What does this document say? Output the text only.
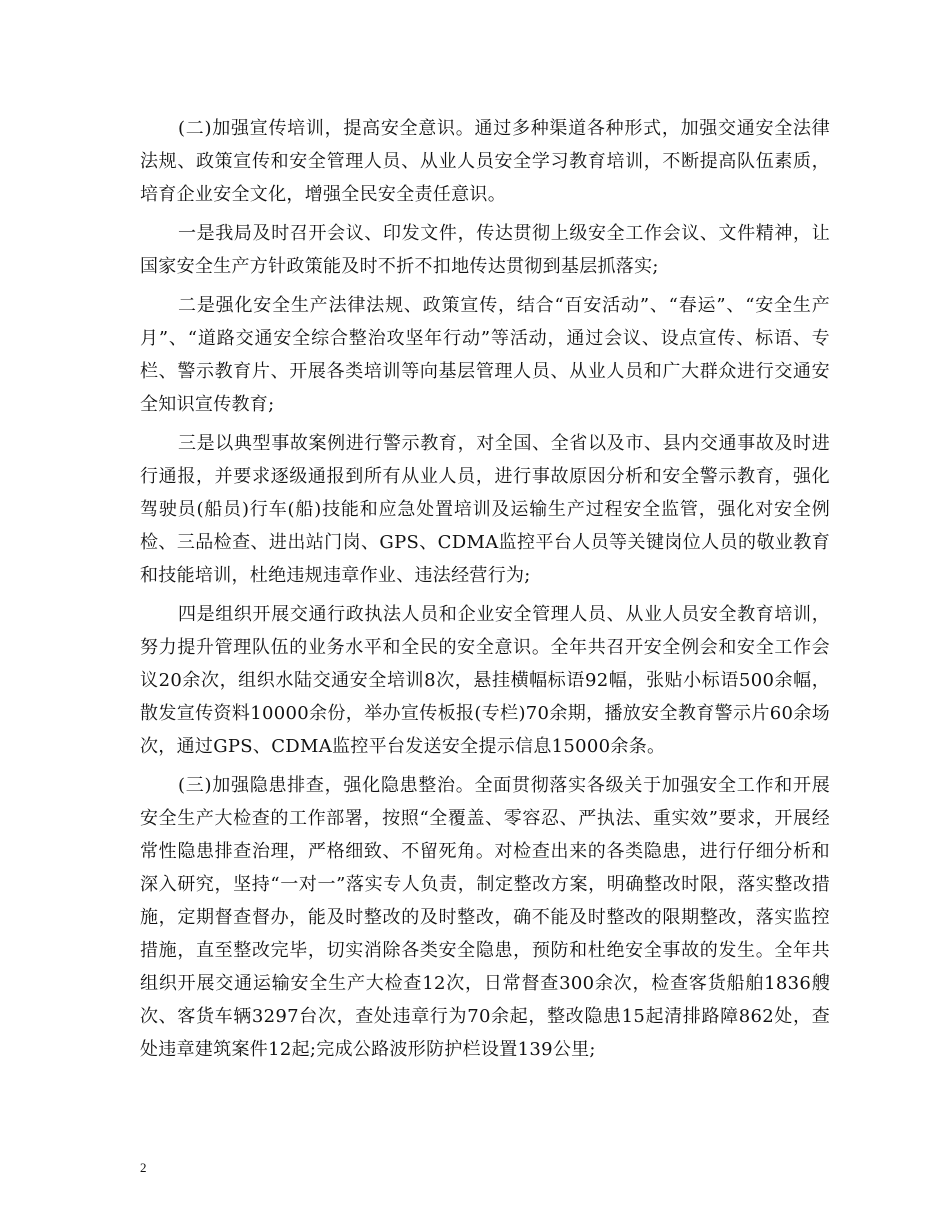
(二)加强宣传培训，提高安全意识。通过多种渠道各种形式，加强交通安全法律法规、政策宣传和安全管理人员、从业人员安全学习教育培训，不断提高队伍素质，培育企业安全文化，增强全民安全责任意识。

一是我局及时召开会议、印发文件，传达贯彻上级安全工作会议、文件精神，让国家安全生产方针政策能及时不折不扣地传达贯彻到基层抓落实;

二是强化安全生产法律法规、政策宣传，结合“百安活动”、“春运”、“安全生产月”、“道路交通安全综合整治攻坚年行动”等活动，通过会议、设点宣传、标语、专栏、警示教育片、开展各类培训等向基层管理人员、从业人员和广大群众进行交通安全知识宣传教育;

三是以典型事故案例进行警示教育，对全国、全省以及市、县内交通事故及时进行通报，并要求逐级通报到所有从业人员，进行事故原因分析和安全警示教育，强化驾驶员(船员)行车(船)技能和应急处置培训及运输生产过程安全监管，强化对安全例检、三品检查、进出站门岗、GPS、CDMA监控平台人员等关键岗位人员的敬业教育和技能培训，杜绝违规违章作业、违法经营行为;

四是组织开展交通行政执法人员和企业安全管理人员、从业人员安全教育培训，努力提升管理队伍的业务水平和全民的安全意识。全年共召开安全例会和安全工作会议20余次，组织水陆交通安全培训8次，悬挂横幅标语92幅，张贴小标语500余幅，散发宣传资料10000余份，举办宣传板报(专栏)70余期，播放安全教育警示片60余场次，通过GPS、CDMA监控平台发送安全提示信息15000余条。

(三)加强隐患排查，强化隐患整治。全面贯彻落实各级关于加强安全工作和开展安全生产大检查的工作部署，按照“全覆盖、零容忍、严执法、重实效”要求，开展经常性隐患排查治理，严格细致、不留死角。对检查出来的各类隐患，进行仔细分析和深入研究，坚持“一对一”落实专人负责，制定整改方案，明确整改时限，落实整改措施，定期督查督办，能及时整改的及时整改，确不能及时整改的限期整改，落实监控措施，直至整改完毕，切实消除各类安全隐患，预防和杜绝安全事故的发生。全年共组织开展交通运输安全生产大检查12次，日常督查300余次，检查客货船舶1836艘次、客货车辆3297台次，查处违章行为70余起，整改隐患15起清排路障862处，查处违章建筑案件12起;完成公路波形防护栏设置139公里;

2
